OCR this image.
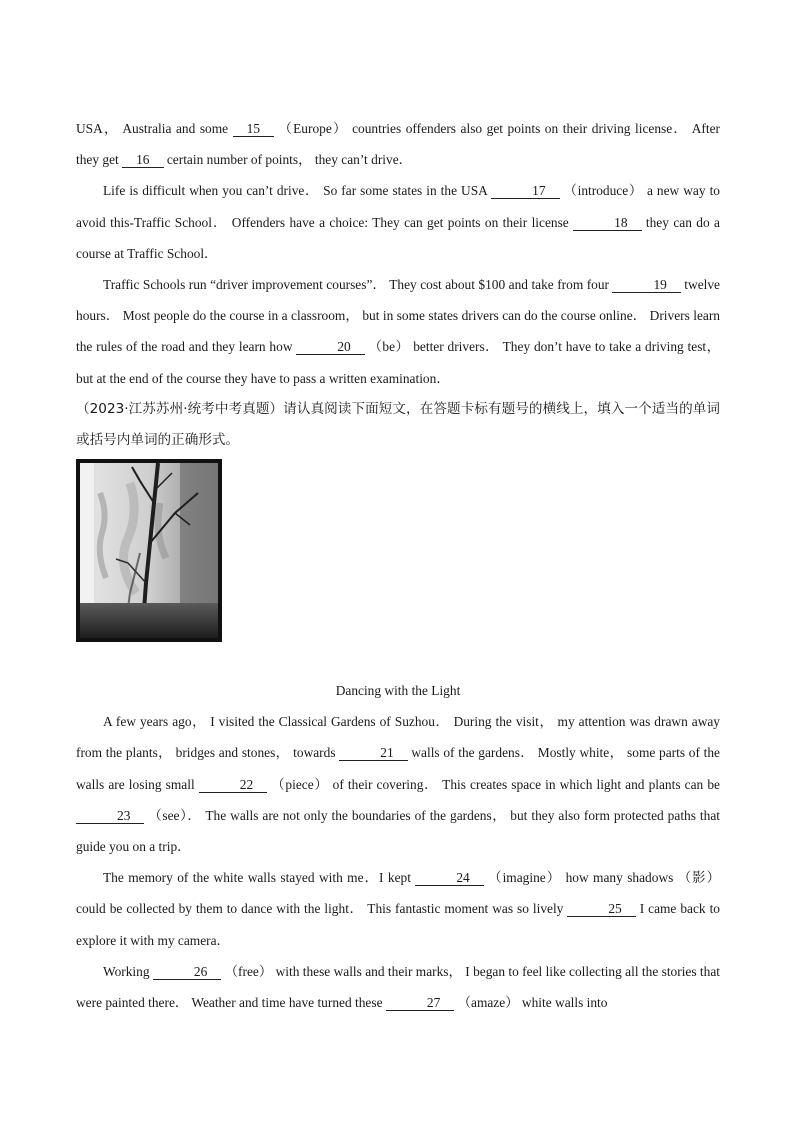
USA， Australia and some 15 （Europe） countries offenders also get points on their driving license． After they get 16 certain number of points， they can’t drive．

Life is difficult when you can’t drive． So far some states in the USA	17 （introduce） a new way to avoid this-Traffic School． Offenders have a choice: They can get points on their license	18 they can do a course at Traffic School．

Traffic Schools run “driver improvement courses”． They cost about $100 and take from four	19 twelve hours． Most people do the course in a classroom， but in some states drivers can do the course online． Drivers learn the rules of the road and they learn how	20 （be） better drivers． They don’t have to take a driving test， but at the end of the course they have to pass a written examination．

（2023·江苏苏州·统考中考真题）请认真阅读下面短文，在答题卡标有题号的横线上，填入一个适当的单词或括号内单词的正确形式。

Dancing with the Light

A few years ago， I visited the Classical Gardens of Suzhou． During the visit， my attention was drawn away from the plants， bridges and stones， towards	21 walls of the gardens． Mostly white， some parts of the walls are losing small	22 （piece） of their covering． This creates space in which light and plants can be 23 （see）． The walls are not only the boundaries of the gardens， but they also form protected paths that guide you on a trip．

The memory of the white walls stayed with me．I kept	24 （imagine） how many shadows （影） could be collected by them to dance with the light． This fantastic moment was so lively	25 I came back to explore it with my camera．

Working	26 （free） with these walls and their marks， I began to feel like collecting all the stories that were painted there． Weather and time have turned these	27 （amaze） white walls into
